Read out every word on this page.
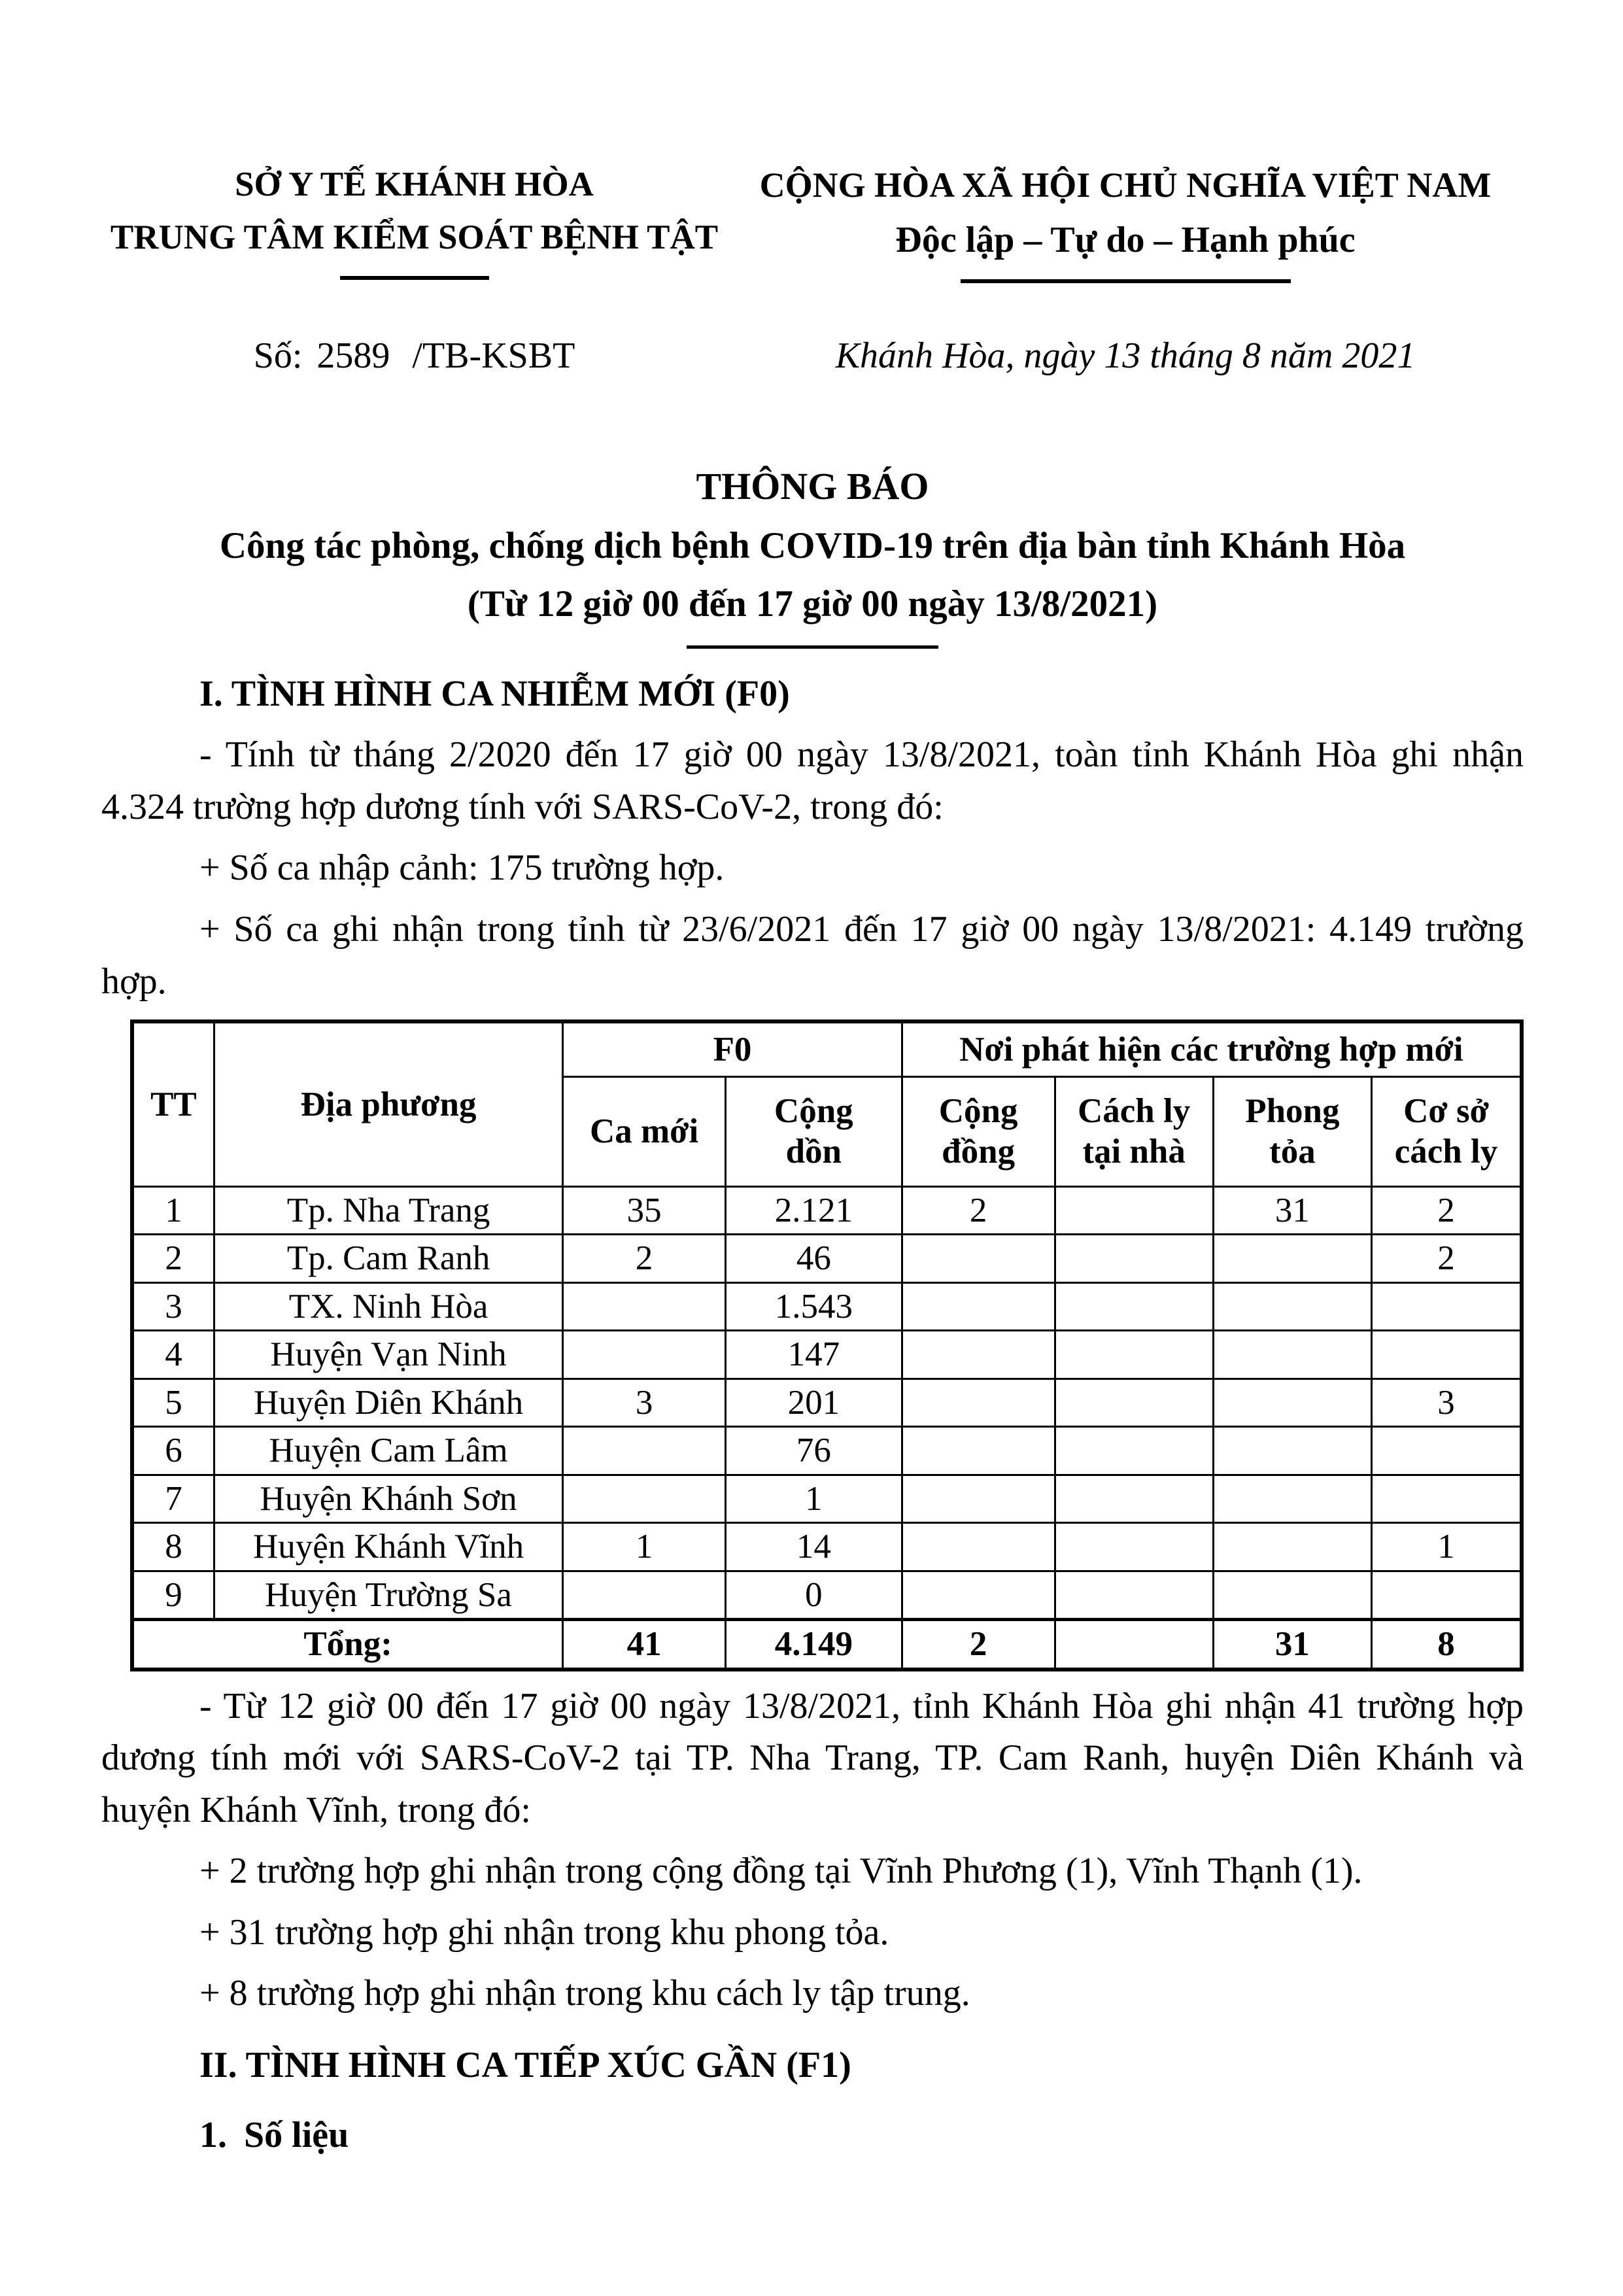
SỞ Y TẾ KHÁNH HÒA
TRUNG TÂM KIỂM SOÁT BỆNH TẬT
CỘNG HÒA XÃ HỘI CHỦ NGHĨA VIỆT NAM
Độc lập – Tự do – Hạnh phúc
Số: 2589 /TB-KSBT	Khánh Hòa, ngày 13 tháng 8 năm 2021
THÔNG BÁO
Công tác phòng, chống dịch bệnh COVID-19 trên địa bàn tỉnh Khánh Hòa
(Từ 12 giờ 00 đến 17 giờ 00 ngày 13/8/2021)
I. TÌNH HÌNH CA NHIỄM MỚI (F0)

- Tính từ tháng 2/2020 đến 17 giờ 00 ngày 13/8/2021, toàn tỉnh Khánh Hòa ghi nhận 4.324 trường hợp dương tính với SARS-CoV-2, trong đó:

+ Số ca nhập cảnh: 175 trường hợp.

+ Số ca ghi nhận trong tỉnh từ 23/6/2021 đến 17 giờ 00 ngày 13/8/2021: 4.149 trường hợp.

TT	Địa phương	F0		Nơi phát hiện các trường hợp mới			
		Ca mới	Cộng dồn	Cộng đồng	Cách ly tại nhà	Phong tỏa	Cơ sở cách ly
1	Tp. Nha Trang	35	2.121	2		31	2
2	Tp. Cam Ranh	2	46				2
3	TX. Ninh Hòa		1.543				
4	Huyện Vạn Ninh		147				
5	Huyện Diên Khánh	3	201				3
6	Huyện Cam Lâm		76				
7	Huyện Khánh Sơn		1				
8	Huyện Khánh Vĩnh	1	14				1
9	Huyện Trường Sa		0				
Tổng:		41	4.149	2		31	8

- Từ 12 giờ 00 đến 17 giờ 00 ngày 13/8/2021, tỉnh Khánh Hòa ghi nhận 41 trường hợp dương tính mới với SARS-CoV-2 tại TP. Nha Trang, TP. Cam Ranh, huyện Diên Khánh và huyện Khánh Vĩnh, trong đó:

+ 2 trường hợp ghi nhận trong cộng đồng tại Vĩnh Phương (1), Vĩnh Thạnh (1).

+ 31 trường hợp ghi nhận trong khu phong tỏa.

+ 8 trường hợp ghi nhận trong khu cách ly tập trung.

II. TÌNH HÌNH CA TIẾP XÚC GẦN (F1)
1. Số liệu
